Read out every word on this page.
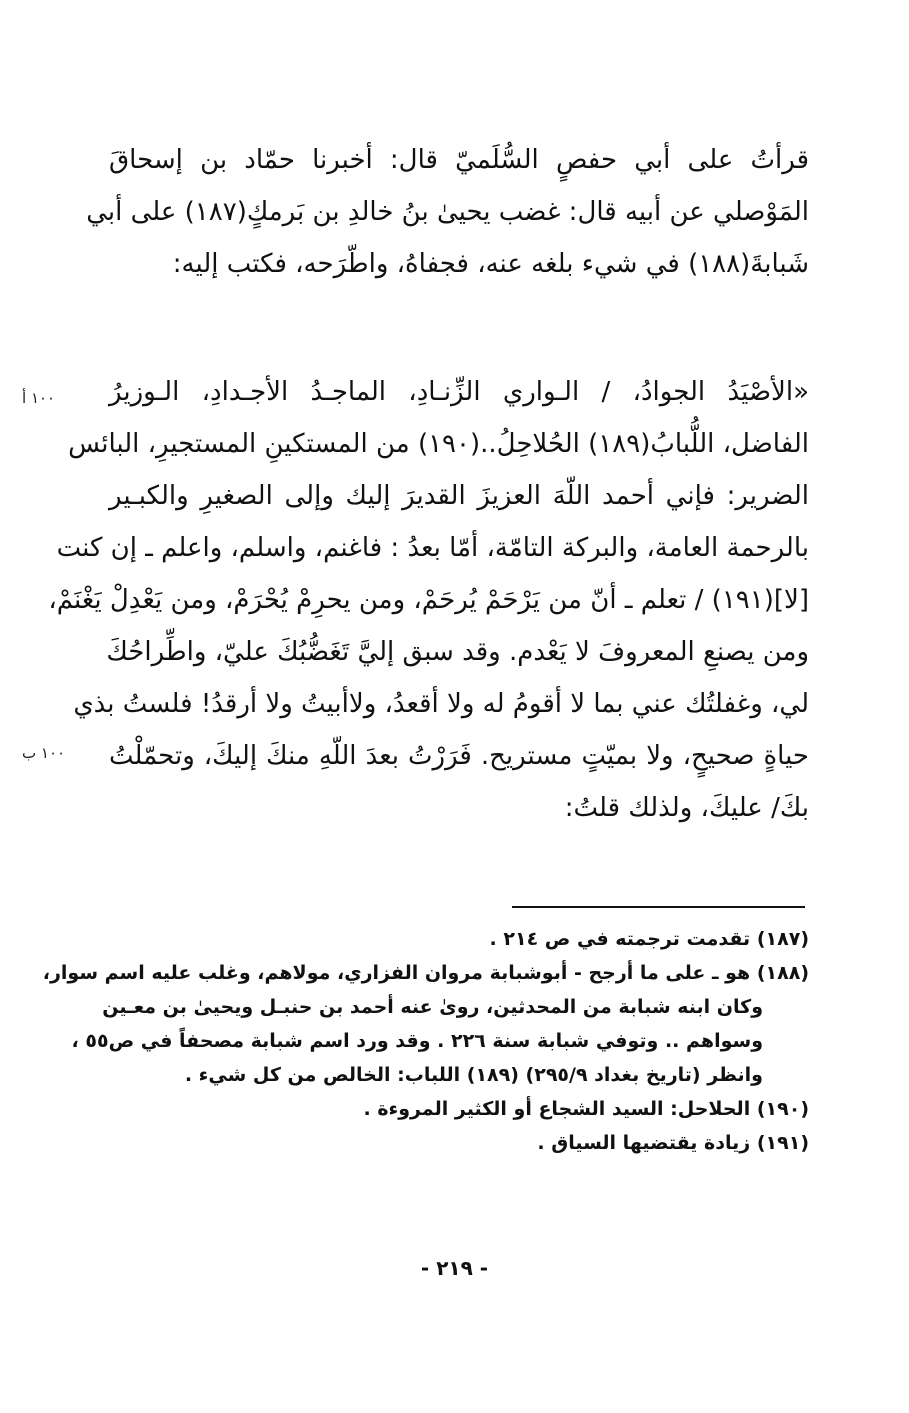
قرأتُ على أبي حفصٍ السُّلَميّ قال: أخبرنا حمّاد بن إسحاقَ
المَوْصلي عن أبيه قال: غضب يحيىٰ بنُ خالدِ بن بَرمكٍ(١٨٧) على أبي
شَبابةَ(١٨٨) في شيء بلغه عنه، فجفاهُ، واطّرَحه، فكتب إليه:
«الأصْيَدُ الجوادُ، / الـواري الزِّنـادِ، الماجـدُ الأجـدادِ، الـوزيرُ
الفاضل، اللُّبابُ(١٨٩) الحُلاحِلُ..(١٩٠) من المستكينِ المستجيرِ، البائس
الضرير: فإني أحمد اللّهَ العزيزَ القديرَ إليك وإلى الصغيرِ والكبـير
بالرحمة العامة، والبركة التامّة، أمّا بعدُ : فاغنم، واسلم، واعلم ـ إن كنت
[لا](١٩١) / تعلم ـ أنّ من يَرْحَمْ يُرحَمْ، ومن يحرِمْ يُحْرَمْ، ومن يَعْدِلْ يَغْنَمْ،
ومن يصنعِ المعروفَ لا يَعْدم. وقد سبق إليَّ تَغَضُّبُكَ عليّ، واطِّراحُكَ
لي، وغفلتُك عني بما لا أقومُ له ولا أقعدُ، ولاأبيتُ ولا أرقدُ! فلستُ بذي
حياةٍ صحيحٍ، ولا بميّتٍ مستريح. فَرَرْتُ بعدَ اللّهِ منكَ إليكَ، وتحمّلْتُ
بكَ/ عليكَ، ولذلك قلتُ:
١٠٠ أ
١٠٠ ب
(١٨٧) تقدمت ترجمته في ص ٢١٤ .
(١٨٨) هو ـ على ما أرجح - أبوشبابة مروان الفزاري، مولاهم، وغلب عليه اسم سوار،
وكان ابنه شبابة من المحدثين، روىٰ عنه أحمد بن حنبـل ويحيىٰ بن معـين
وسواهم .. وتوفي شبابة سنة ٢٢٦ . وقد ورد اسم شبابة مصحفاً في ص٥٥ ،
وانظر (تاريخ بغداد ٢٩٥/٩) (١٨٩) اللباب: الخالص من كل شيء .
(١٩٠) الحلاحل: السيد الشجاع أو الكثير المروءة .
(١٩١) زيادة يقتضيها السياق .
- ٢١٩ -
